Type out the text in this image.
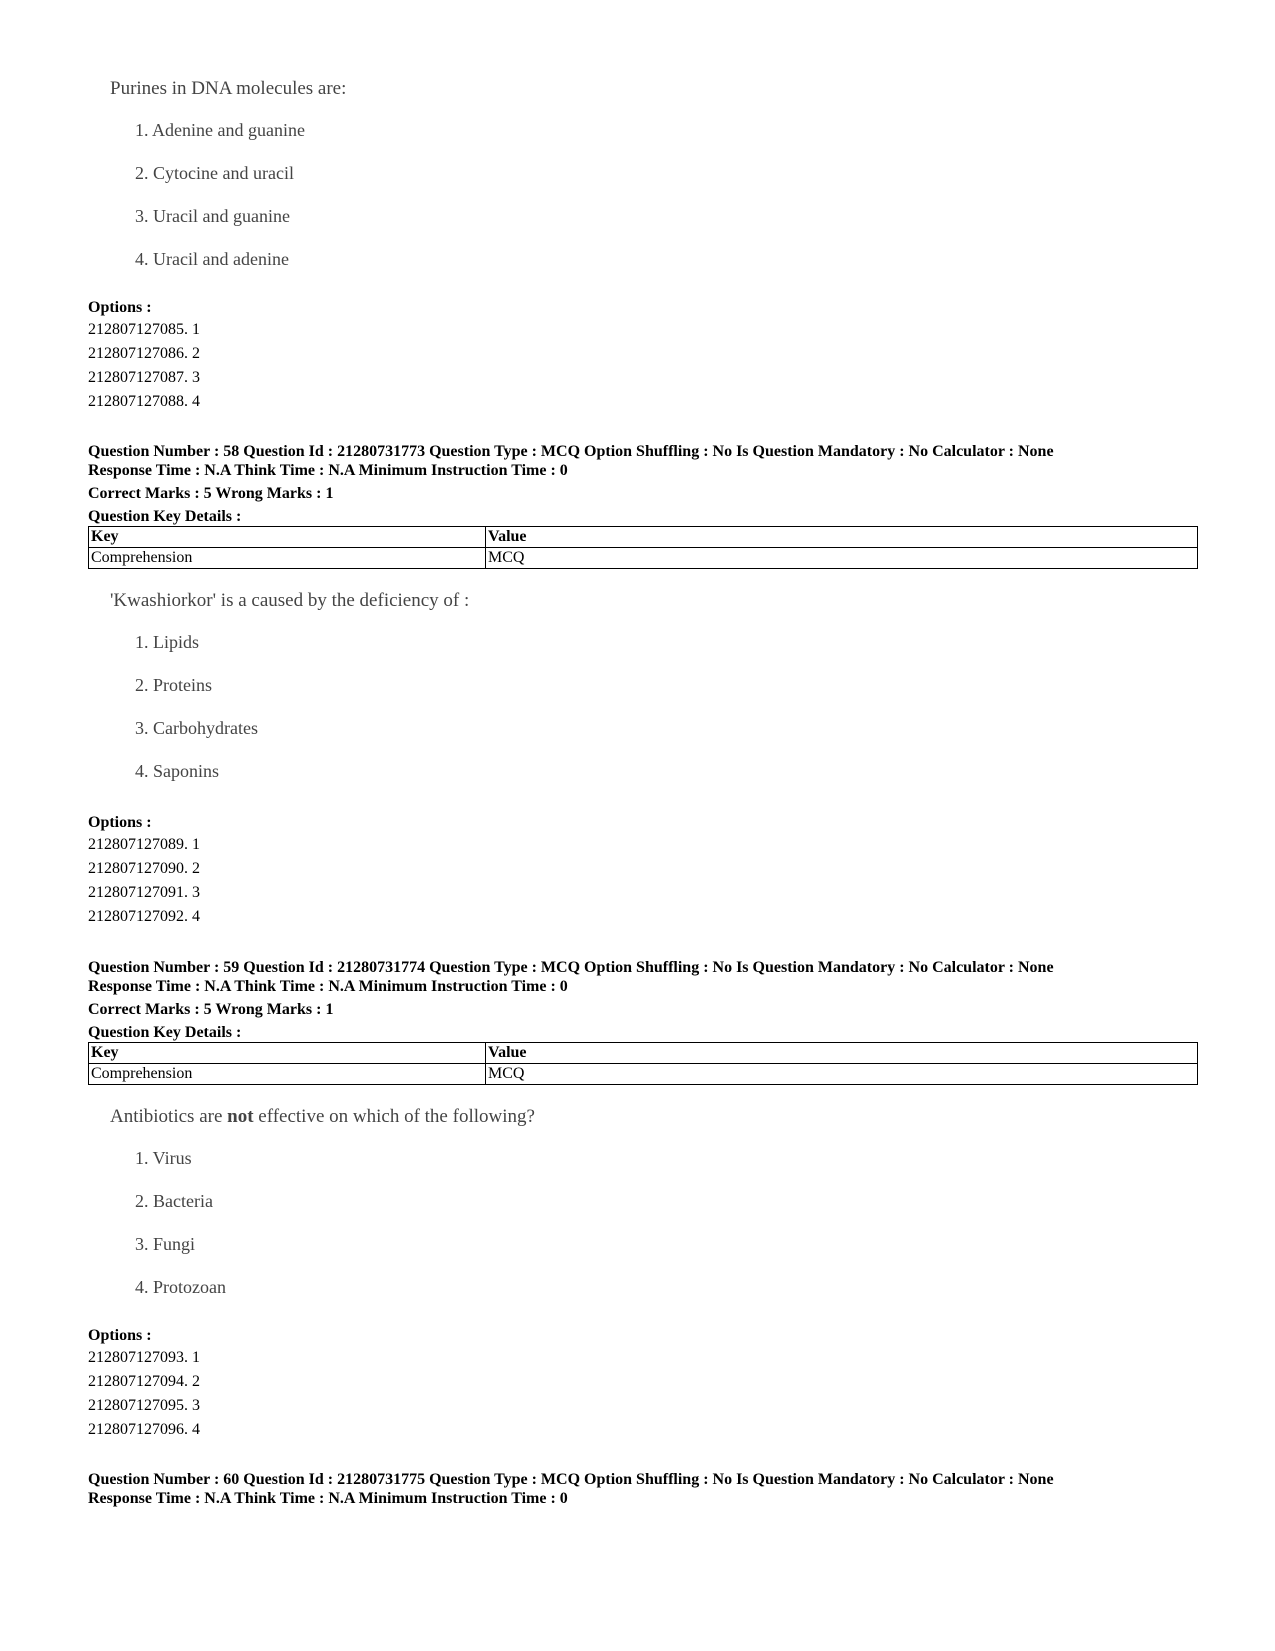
Purines in DNA molecules are:

1. Adenine and guanine

2. Cytocine and uracil

3. Uracil and guanine

4. Uracil and adenine

Options :

212807127085. 1

212807127086. 2

212807127087. 3

212807127088. 4

Question Number : 58 Question Id : 21280731773 Question Type : MCQ Option Shuffling : No Is Question Mandatory : No Calculator : None

Response Time : N.A Think Time : N.A Minimum Instruction Time : 0

Correct Marks : 5 Wrong Marks : 1

Question Key Details :

Key	Value
Comprehension	MCQ

'Kwashiorkor' is a caused by the deficiency of :

1. Lipids

2. Proteins

3. Carbohydrates

4. Saponins

Options :

212807127089. 1

212807127090. 2

212807127091. 3

212807127092. 4

Question Number : 59 Question Id : 21280731774 Question Type : MCQ Option Shuffling : No Is Question Mandatory : No Calculator : None

Response Time : N.A Think Time : N.A Minimum Instruction Time : 0

Correct Marks : 5 Wrong Marks : 1

Question Key Details :

Key	Value
Comprehension	MCQ

Antibiotics are not effective on which of the following?

1. Virus

2. Bacteria

3. Fungi

4. Protozoan

Options :

212807127093. 1

212807127094. 2

212807127095. 3

212807127096. 4

Question Number : 60 Question Id : 21280731775 Question Type : MCQ Option Shuffling : No Is Question Mandatory : No Calculator : None

Response Time : N.A Think Time : N.A Minimum Instruction Time : 0
